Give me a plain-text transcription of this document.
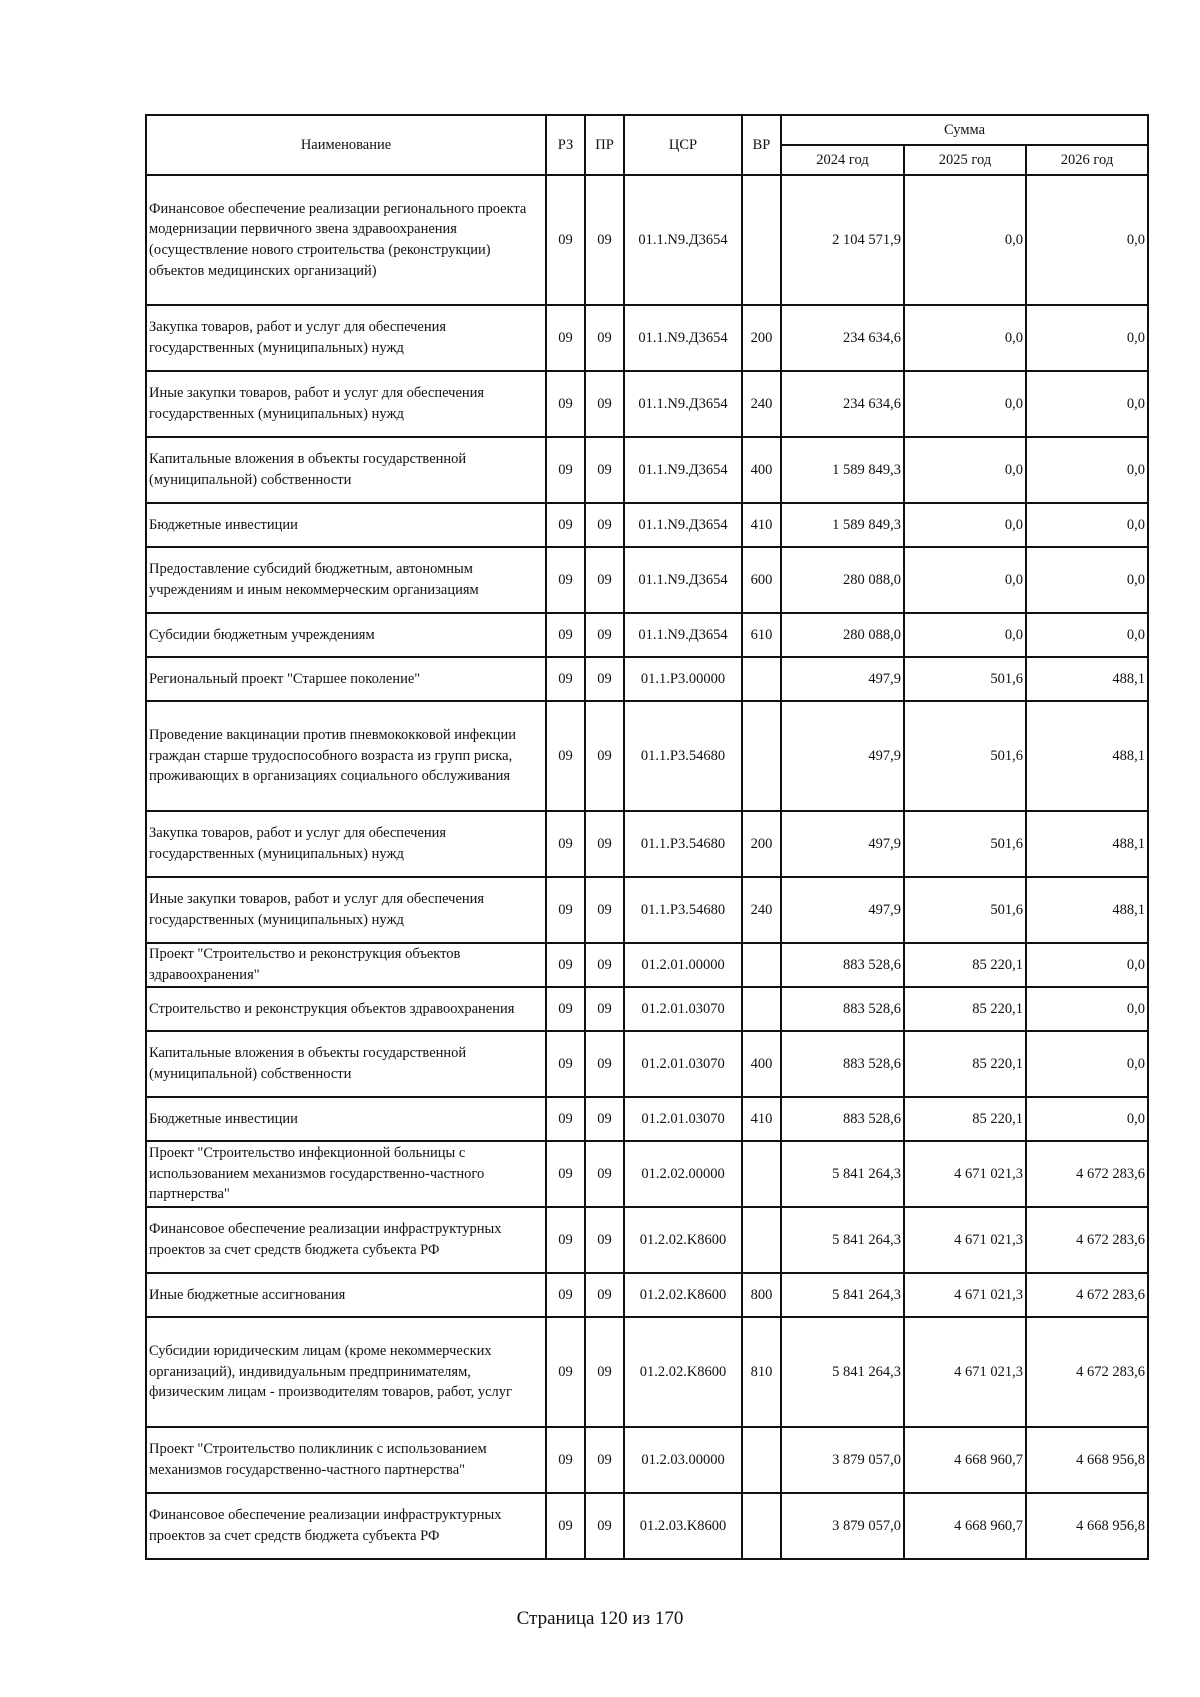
Наименование	РЗ	ПР	ЦСР	ВР	Сумма		
					2024 год	2025 год	2026 год
Финансовое обеспечение реализации регионального проекта модернизации первичного звена здравоохранения (осуществление нового строительства (реконструкции) объектов медицинских организаций)	09	09	01.1.N9.Д3654		2 104 571,9	0,0	0,0
Закупка товаров, работ и услуг для обеспечения государственных (муниципальных) нужд	09	09	01.1.N9.Д3654	200	234 634,6	0,0	0,0
Иные закупки товаров, работ и услуг для обеспечения государственных (муниципальных) нужд	09	09	01.1.N9.Д3654	240	234 634,6	0,0	0,0
Капитальные вложения в объекты государственной (муниципальной) собственности	09	09	01.1.N9.Д3654	400	1 589 849,3	0,0	0,0
Бюджетные инвестиции	09	09	01.1.N9.Д3654	410	1 589 849,3	0,0	0,0
Предоставление субсидий бюджетным, автономным учреждениям и иным некоммерческим организациям	09	09	01.1.N9.Д3654	600	280 088,0	0,0	0,0
Субсидии бюджетным учреждениям	09	09	01.1.N9.Д3654	610	280 088,0	0,0	0,0
Региональный проект "Старшее поколение"	09	09	01.1.P3.00000		497,9	501,6	488,1
Проведение вакцинации против пневмококковой инфекции граждан старше трудоспособного возраста из групп риска, проживающих в организациях социального обслуживания	09	09	01.1.P3.54680		497,9	501,6	488,1
Закупка товаров, работ и услуг для обеспечения государственных (муниципальных) нужд	09	09	01.1.P3.54680	200	497,9	501,6	488,1
Иные закупки товаров, работ и услуг для обеспечения государственных (муниципальных) нужд	09	09	01.1.P3.54680	240	497,9	501,6	488,1
Проект "Строительство и реконструкция объектов здравоохранения"	09	09	01.2.01.00000		883 528,6	85 220,1	0,0
Строительство и реконструкция объектов здравоохранения	09	09	01.2.01.03070		883 528,6	85 220,1	0,0
Капитальные вложения в объекты государственной (муниципальной) собственности	09	09	01.2.01.03070	400	883 528,6	85 220,1	0,0
Бюджетные инвестиции	09	09	01.2.01.03070	410	883 528,6	85 220,1	0,0
Проект "Строительство инфекционной больницы с использованием механизмов государственно-частного партнерства"	09	09	01.2.02.00000		5 841 264,3	4 671 021,3	4 672 283,6
Финансовое обеспечение реализации инфраструктурных проектов за счет средств бюджета субъекта РФ	09	09	01.2.02.K8600		5 841 264,3	4 671 021,3	4 672 283,6
Иные бюджетные ассигнования	09	09	01.2.02.K8600	800	5 841 264,3	4 671 021,3	4 672 283,6
Субсидии юридическим лицам (кроме некоммерческих организаций), индивидуальным предпринимателям, физическим лицам - производителям товаров, работ, услуг	09	09	01.2.02.K8600	810	5 841 264,3	4 671 021,3	4 672 283,6
Проект "Строительство поликлиник с использованием механизмов государственно-частного партнерства"	09	09	01.2.03.00000		3 879 057,0	4 668 960,7	4 668 956,8
Финансовое обеспечение реализации инфраструктурных проектов за счет средств бюджета субъекта РФ	09	09	01.2.03.K8600		3 879 057,0	4 668 960,7	4 668 956,8
Страница 120 из 170
